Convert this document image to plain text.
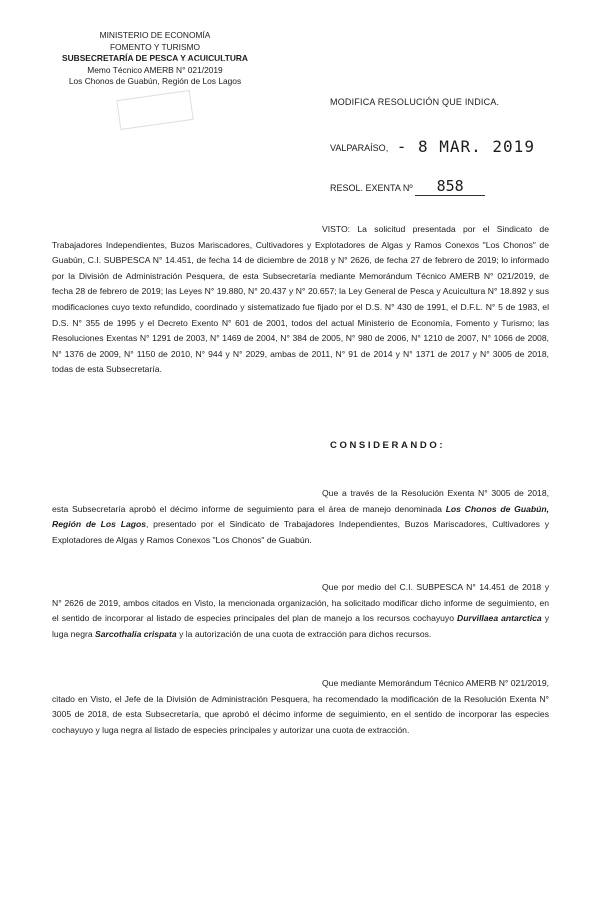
MINISTERIO DE ECONOMÍA
FOMENTO Y TURISMO
SUBSECRETARÍA DE PESCA Y ACUICULTURA
Memo Técnico AMERB N° 021/2019
Los Chonos de Guabún, Región de Los Lagos
MODIFICA RESOLUCIÓN QUE INDICA.
VALPARAÍSO, - 8 MAR. 2019
RESOL. EXENTA Nº 858
VISTO: La solicitud presentada por el Sindicato de Trabajadores Independientes, Buzos Mariscadores, Cultivadores y Explotadores de Algas y Ramos Conexos "Los Chonos" de Guabún, C.I. SUBPESCA N° 14.451, de fecha 14 de diciembre de 2018 y N° 2626, de fecha 27 de febrero de 2019; lo informado por la División de Administración Pesquera, de esta Subsecretaría mediante Memorándum Técnico AMERB N° 021/2019, de fecha 28 de febrero de 2019; las Leyes N° 19.880, N° 20.437 y N° 20.657; la Ley General de Pesca y Acuicultura N° 18.892 y sus modificaciones cuyo texto refundido, coordinado y sistematizado fue fijado por el D.S. N° 430 de 1991, el D.F.L. N° 5 de 1983, el D.S. N° 355 de 1995 y el Decreto Exento N° 601 de 2001, todos del actual Ministerio de Economía, Fomento y Turismo; las Resoluciones Exentas N° 1291 de 2003, N° 1469 de 2004, N° 384 de 2005, N° 980 de 2006, N° 1210 de 2007, N° 1066 de 2008, N° 1376 de 2009, N° 1150 de 2010, N° 944 y N° 2029, ambas de 2011, N° 91 de 2014 y N° 1371 de 2017 y N° 3005 de 2018, todas de esta Subsecretaría.
CONSIDERANDO:
Que a través de la Resolución Exenta N° 3005 de 2018, esta Subsecretaría aprobó el décimo informe de seguimiento para el área de manejo denominada Los Chonos de Guabún, Región de Los Lagos, presentado por el Sindicato de Trabajadores Independientes, Buzos Mariscadores, Cultivadores y Explotadores de Algas y Ramos Conexos "Los Chonos" de Guabún.
Que por medio del C.I. SUBPESCA N° 14.451 de 2018 y N° 2626 de 2019, ambos citados en Visto, la mencionada organización, ha solicitado modificar dicho informe de seguimiento, en el sentido de incorporar al listado de especies principales del plan de manejo a los recursos cochayuyo Durvillaea antarctica y luga negra Sarcothalia crispata y la autorización de una cuota de extracción para dichos recursos.
Que mediante Memorándum Técnico AMERB N° 021/2019, citado en Visto, el Jefe de la División de Administración Pesquera, ha recomendado la modificación de la Resolución Exenta N° 3005 de 2018, de esta Subsecretaría, que aprobó el décimo informe de seguimiento, en el sentido de incorporar las especies cochayuyo y luga negra al listado de especies principales y autorizar una cuota de extracción.
